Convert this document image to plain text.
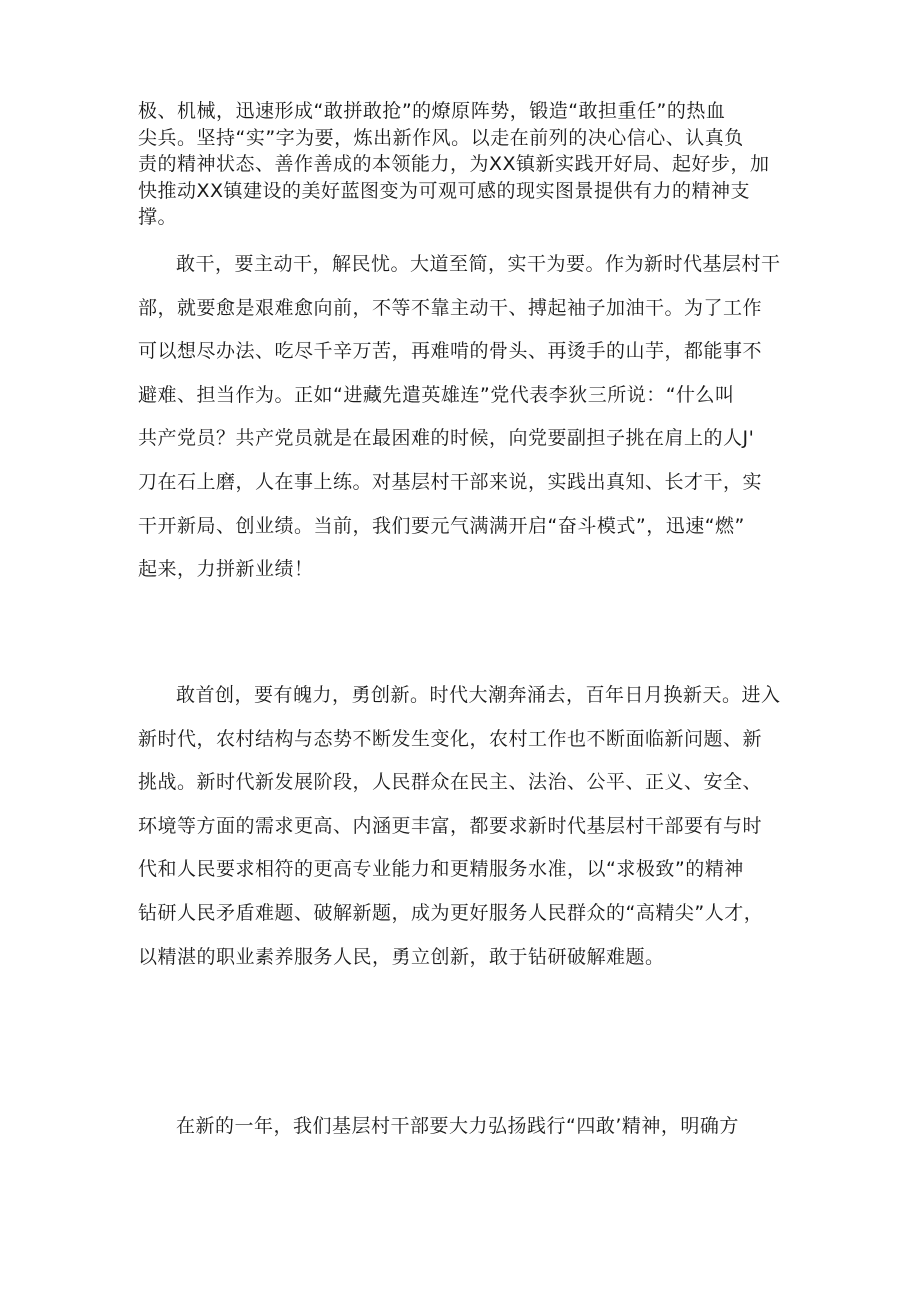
极、机械，迅速形成“敢拼敢抢”的燎原阵势，锻造“敢担重任”的热血
尖兵。坚持“实”字为要，炼出新作风。以走在前列的决心信心、认真负
责的精神状态、善作善成的本领能力，为XX镇新实践开好局、起好步，加
快推动XX镇建设的美好蓝图变为可观可感的现实图景提供有力的精神支
撑。

敢干，要主动干，解民忧。大道至简，实干为要。作为新时代基层村干
部，就要愈是艰难愈向前，不等不靠主动干、搏起袖子加油干。为了工作
可以想尽办法、吃尽千辛万苦，再难啃的骨头、再烫手的山芋，都能事不
避难、担当作为。正如“进藏先遣英雄连”党代表李狄三所说：“什么叫
共产党员？共产党员就是在最困难的时候，向党要副担子挑在肩上的人J'
刀在石上磨，人在事上练。对基层村干部来说，实践出真知、长才干，实
干开新局、创业绩。当前，我们要元气满满开启“奋斗模式”，迅速“燃”
起来，力拼新业绩！

敢首创，要有魄力，勇创新。时代大潮奔涌去，百年日月换新天。进入
新时代，农村结构与态势不断发生变化，农村工作也不断面临新问题、新
挑战。新时代新发展阶段，人民群众在民主、法治、公平、正义、安全、
环境等方面的需求更高、内涵更丰富，都要求新时代基层村干部要有与时
代和人民要求相符的更高专业能力和更精服务水准，以“求极致”的精神
钻研人民矛盾难题、破解新题，成为更好服务人民群众的“高精尖”人才，
以精湛的职业素养服务人民，勇立创新，敢于钻研破解难题。

在新的一年，我们基层村干部要大力弘扬践行“四敢’精神，明确方
